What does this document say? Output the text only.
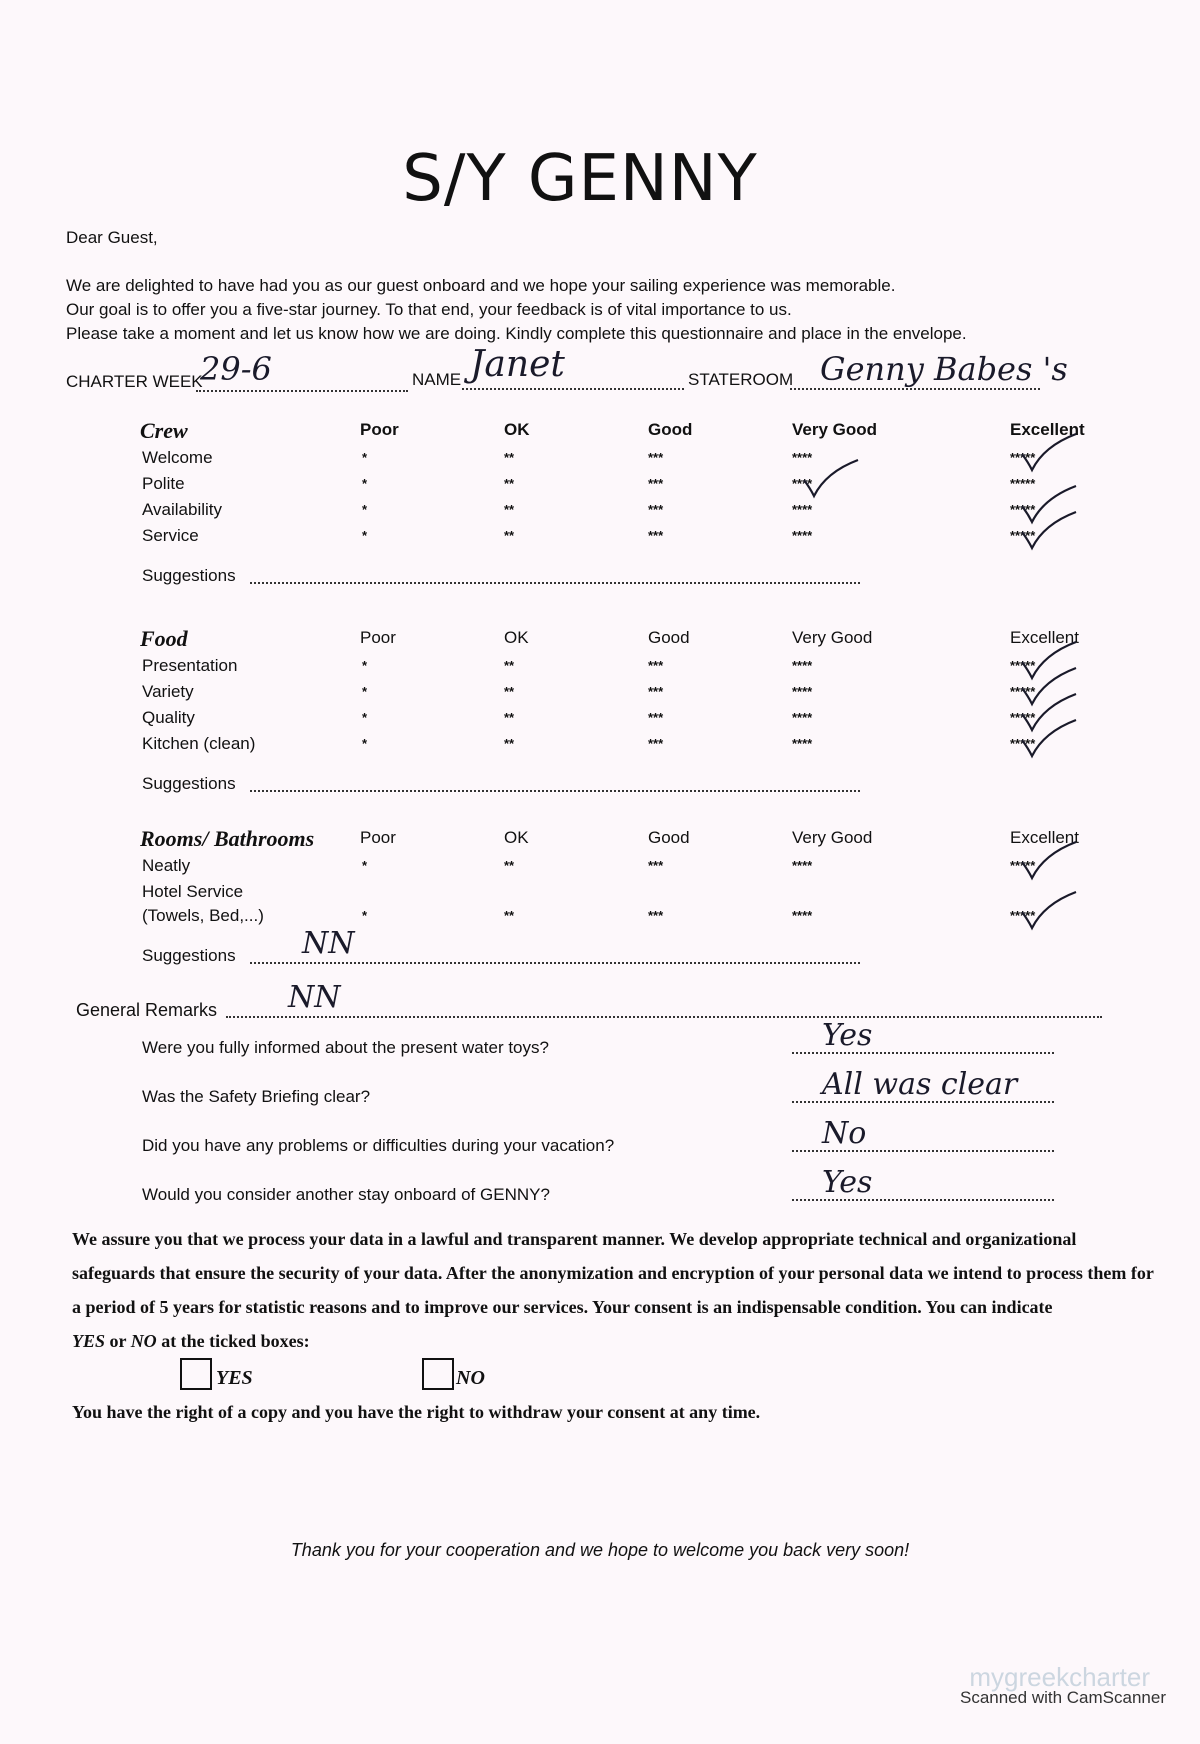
S/Y GENNY
Dear Guest,

We are delighted to have had you as our guest onboard and we hope your sailing experience was memorable.

Our goal is to offer you a five-star journey. To that end, your feedback is of vital importance to us.

Please take a moment and let us know how we are doing. Kindly complete this questionnaire and place in the envelope.

CHARTER WEEK
29-6	NAME Janet	STATEROOM Genny Babes 's
Crew	Poor	OK	Good	Very Good	Excellent
Welcome	*	**	***	****	*****
Polite	*	**	***	****	*****
Availability	*	**	***	****	*****
Service	*	**	***	****	*****
Suggestions
Food	Poor	OK	Good	Very Good	Excellent
Presentation	*	**	***	****	*****
Variety	*	**	***	****	*****
Quality	*	**	***	****	*****
Kitchen (clean)	*	**	***	****	*****
Suggestions
Rooms/ Bathrooms	Poor	OK	Good	Very Good	Excellent
Neatly	*	**	***	****	*****
Hotel Service
(Towels, Bed,...)	*	**	***	****	*****
Suggestions NN
General Remarks NN
Were you fully informed about the present water toys?	Yes
Was the Safety Briefing clear?	All was clear
Did you have any problems or difficulties during your vacation?	No
Would you consider another stay onboard of GENNY?	Yes
We assure you that we process your data in a lawful and transparent manner. We develop appropriate technical and organizational safeguards that ensure the security of your data. After the anonymization and encryption of your personal data we intend to process them for a period of 5 years for statistic reasons and to improve our services. Your consent is an indispensable condition. You can indicate
YES or NO at the ticked boxes:
YES	NO
You have the right of a copy and you have the right to withdraw your consent at any time.
Thank you for your cooperation and we hope to welcome you back very soon!
mygreekcharter
Scanned with CamScanner
